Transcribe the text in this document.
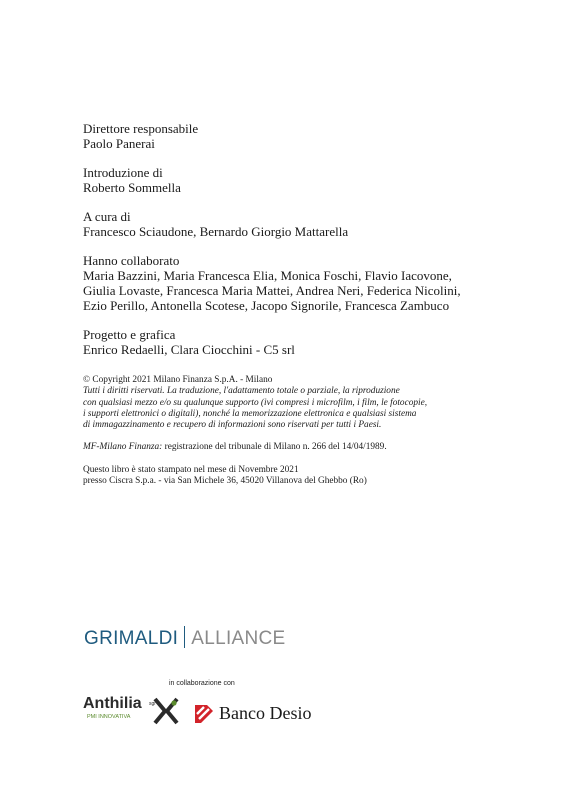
Direttore responsabile
Paolo Panerai
Introduzione di
Roberto Sommella
A cura di
Francesco Sciaudone, Bernardo Giorgio Mattarella
Hanno collaborato
Maria Bazzini, Maria Francesca Elia, Monica Foschi, Flavio Iacovone,
Giulia Lovaste, Francesca Maria Mattei, Andrea Neri, Federica Nicolini,
Ezio Perillo, Antonella Scotese, Jacopo Signorile, Francesca Zambuco
Progetto e grafica
Enrico Redaelli, Clara Ciocchini - C5 srl
© Copyright 2021 Milano Finanza S.p.A. - Milano
Tutti i diritti riservati. La traduzione, l'adattamento totale o parziale, la riproduzione
con qualsiasi mezzo e/o su qualunque supporto (ivi compresi i microfilm, i film, le fotocopie,
i supporti elettronici o digitali), nonché la memorizzazione elettronica e qualsiasi sistema
di immagazzinamento e recupero di informazioni sono riservati per tutti i Paesi.
MF-Milano Finanza: registrazione del tribunale di Milano n. 266 del 14/04/1989.
Questo libro è stato stampato nel mese di Novembre 2021
presso Ciscra S.p.a. - via San Michele 36, 45020 Villanova del Ghebbo (Ro)
GRIMALDI ALLIANCE
in collaborazione con
Anthilia sgr
PMI INNOVATIVA	Banco Desio
